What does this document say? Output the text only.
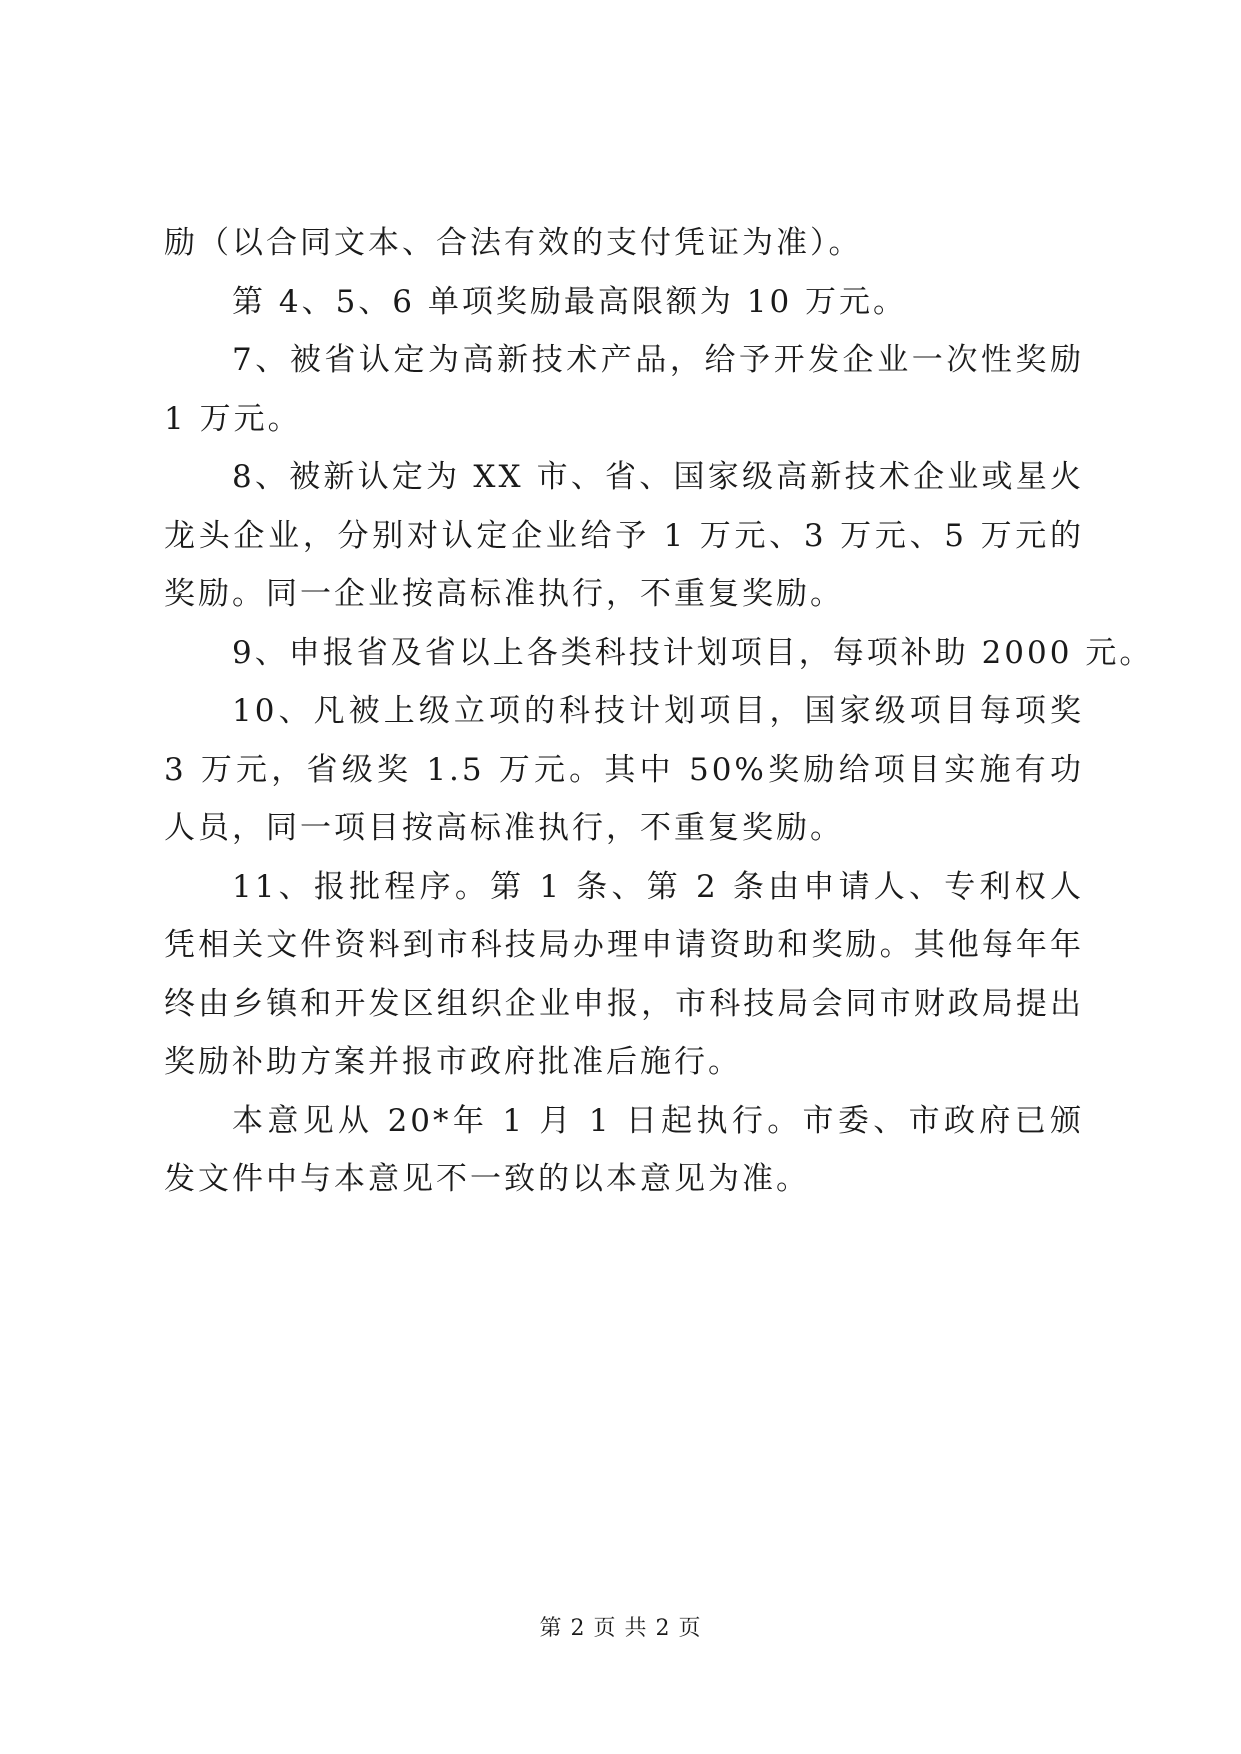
励（以合同文本、合法有效的支付凭证为准）。

第 4、5、6 单项奖励最高限额为 10 万元。

7、被省认定为高新技术产品，给予开发企业一次性奖励 1 万元。

8、被新认定为 XX 市、省、国家级高新技术企业或星火龙头企业，分别对认定企业给予 1 万元、3 万元、5 万元的奖励。同一企业按高标准执行，不重复奖励。

9、申报省及省以上各类科技计划项目，每项补助 2000 元。

10、凡被上级立项的科技计划项目，国家级项目每项奖 3 万元，省级奖 1.5 万元。其中 50%奖励给项目实施有功人员，同一项目按高标准执行，不重复奖励。

11、报批程序。第 1 条、第 2 条由申请人、专利权人凭相关文件资料到市科技局办理申请资助和奖励。其他每年年终由乡镇和开发区组织企业申报，市科技局会同市财政局提出奖励补助方案并报市政府批准后施行。

本意见从 20*年 1 月 1 日起执行。市委、市政府已颁发文件中与本意见不一致的以本意见为准。

第 2 页 共 2 页
